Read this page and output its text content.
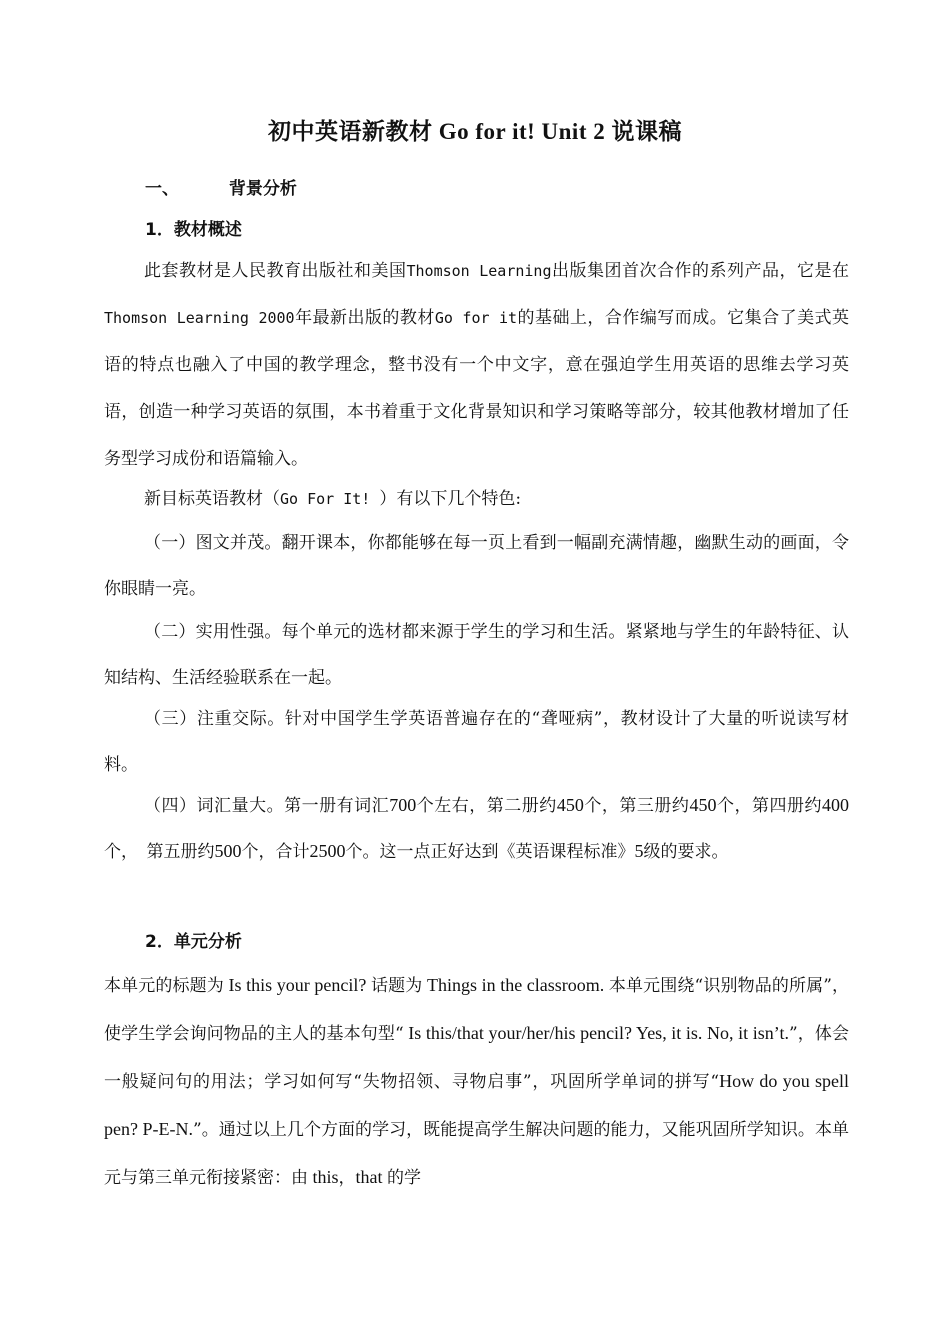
初中英语新教材 Go for it! Unit 2 说课稿
一、	背景分析
1．教材概述

此套教材是人民教育出版社和美国Thomson Learning出版集团首次合作的系列产品，它是在Thomson Learning 2000年最新出版的教材Go for it的基础上，合作编写而成。它集合了美式英语的特点也融入了中国的教学理念，整书没有一个中文字，意在强迫学生用英语的思维去学习英语，创造一种学习英语的氛围，本书着重于文化背景知识和学习策略等部分，较其他教材增加了任务型学习成份和语篇输入。

新目标英语教材（Go For It! ）有以下几个特色:

（一）图文并茂。翻开课本，你都能够在每一页上看到一幅副充满情趣，幽默生动的画面，令你眼睛一亮。

（二）实用性强。每个单元的选材都来源于学生的学习和生活。紧紧地与学生的年龄特征、认知结构、生活经验联系在一起。

（三）注重交际。针对中国学生学英语普遍存在的“聋哑病”，教材设计了大量的听说读写材料。

（四）词汇量大。第一册有词汇700个左右，第二册约450个，第三册约450个，第四册约400个，　第五册约500个，合计2500个。这一点正好达到《英语课程标准》5级的要求。

2．单元分析

本单元的标题为 Is this your pencil? 话题为 Things in the classroom. 本单元围绕“识别物品的所属”，使学生学会询问物品的主人的基本句型“ Is this/that your/her/his pencil? Yes, it is. No, it isn’t.”，体会一般疑问句的用法；学习如何写“失物招领、寻物启事”，巩固所学单词的拼写“How do you spell pen? P-E-N.”。通过以上几个方面的学习，既能提高学生解决问题的能力，又能巩固所学知识。本单元与第三单元衔接紧密：由 this，that 的学
